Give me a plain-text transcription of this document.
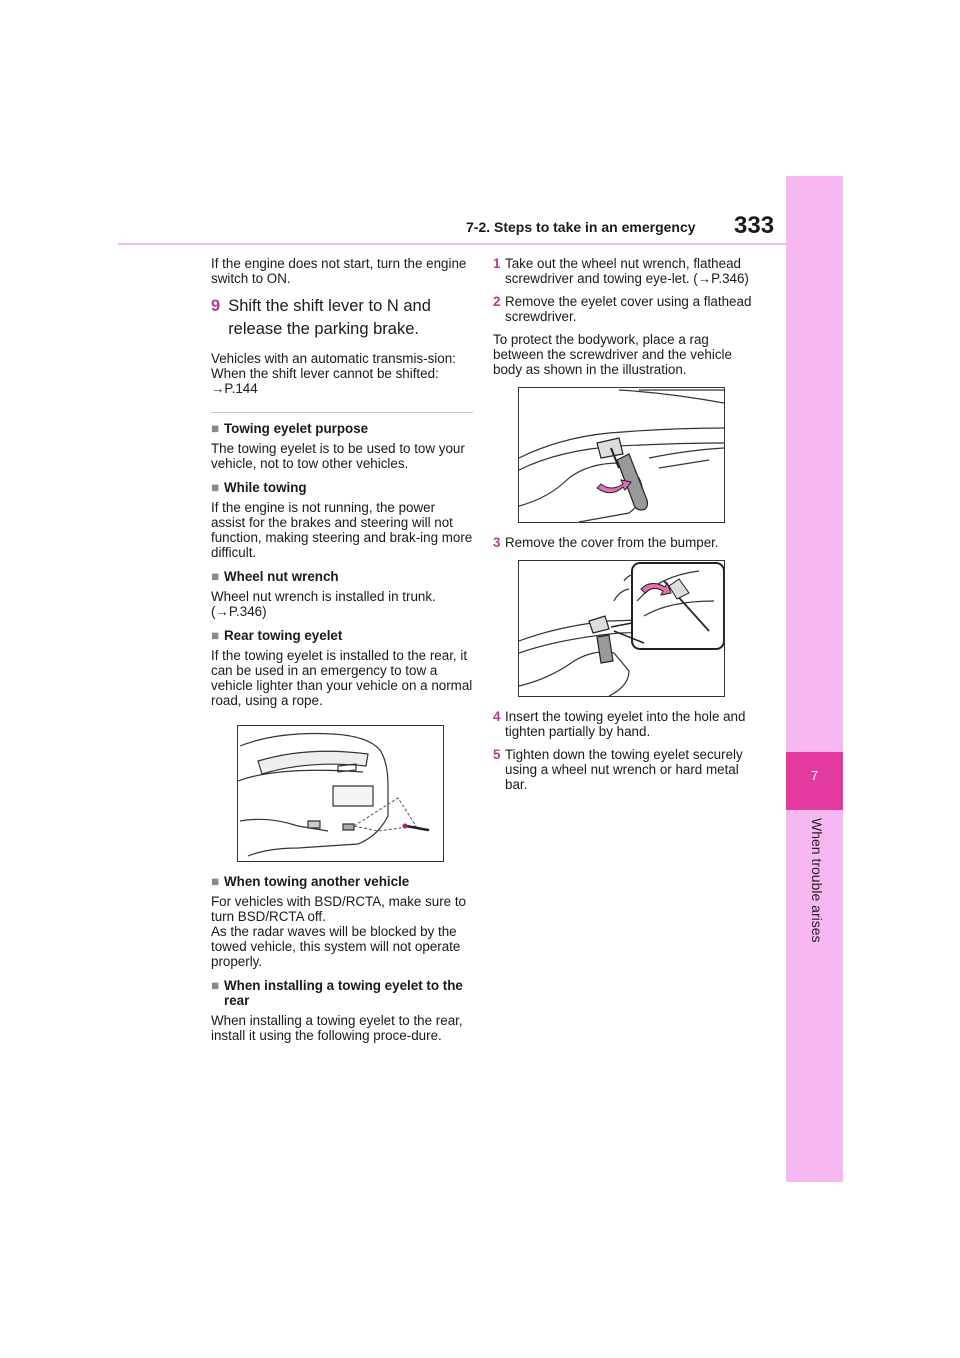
7
When trouble arises
7-2. Steps to take in an emergency 333

If the engine does not start, turn the engine switch to ON.

9 Shift the shift lever to N and release the parking brake.

Vehicles with an automatic transmis-sion: When the shift lever cannot be shifted: →P.144

■ Towing eyelet purpose

The towing eyelet is to be used to tow your vehicle, not to tow other vehicles.

■ While towing

If the engine is not running, the power assist for the brakes and steering will not function, making steering and brak-ing more difficult.

■ Wheel nut wrench

Wheel nut wrench is installed in trunk. (→P.346)

■ Rear towing eyelet

If the towing eyelet is installed to the rear, it can be used in an emergency to tow a vehicle lighter than your vehicle on a normal road, using a rope.

■ When towing another vehicle

For vehicles with BSD/RCTA, make sure to turn BSD/RCTA off.

As the radar waves will be blocked by the towed vehicle, this system will not operate properly.

■ When installing a towing eyelet to the rear

When installing a towing eyelet to the rear, install it using the following proce-dure.

1 Take out the wheel nut wrench, flathead screwdriver and towing eye-let. (→P.346)
2 Remove the eyelet cover using a flathead screwdriver.

To protect the bodywork, place a rag between the screwdriver and the vehicle body as shown in the illustration.

3 Remove the cover from the bumper.
4 Insert the towing eyelet into the hole and tighten partially by hand.
5 Tighten down the towing eyelet securely using a wheel nut wrench or hard metal bar.
